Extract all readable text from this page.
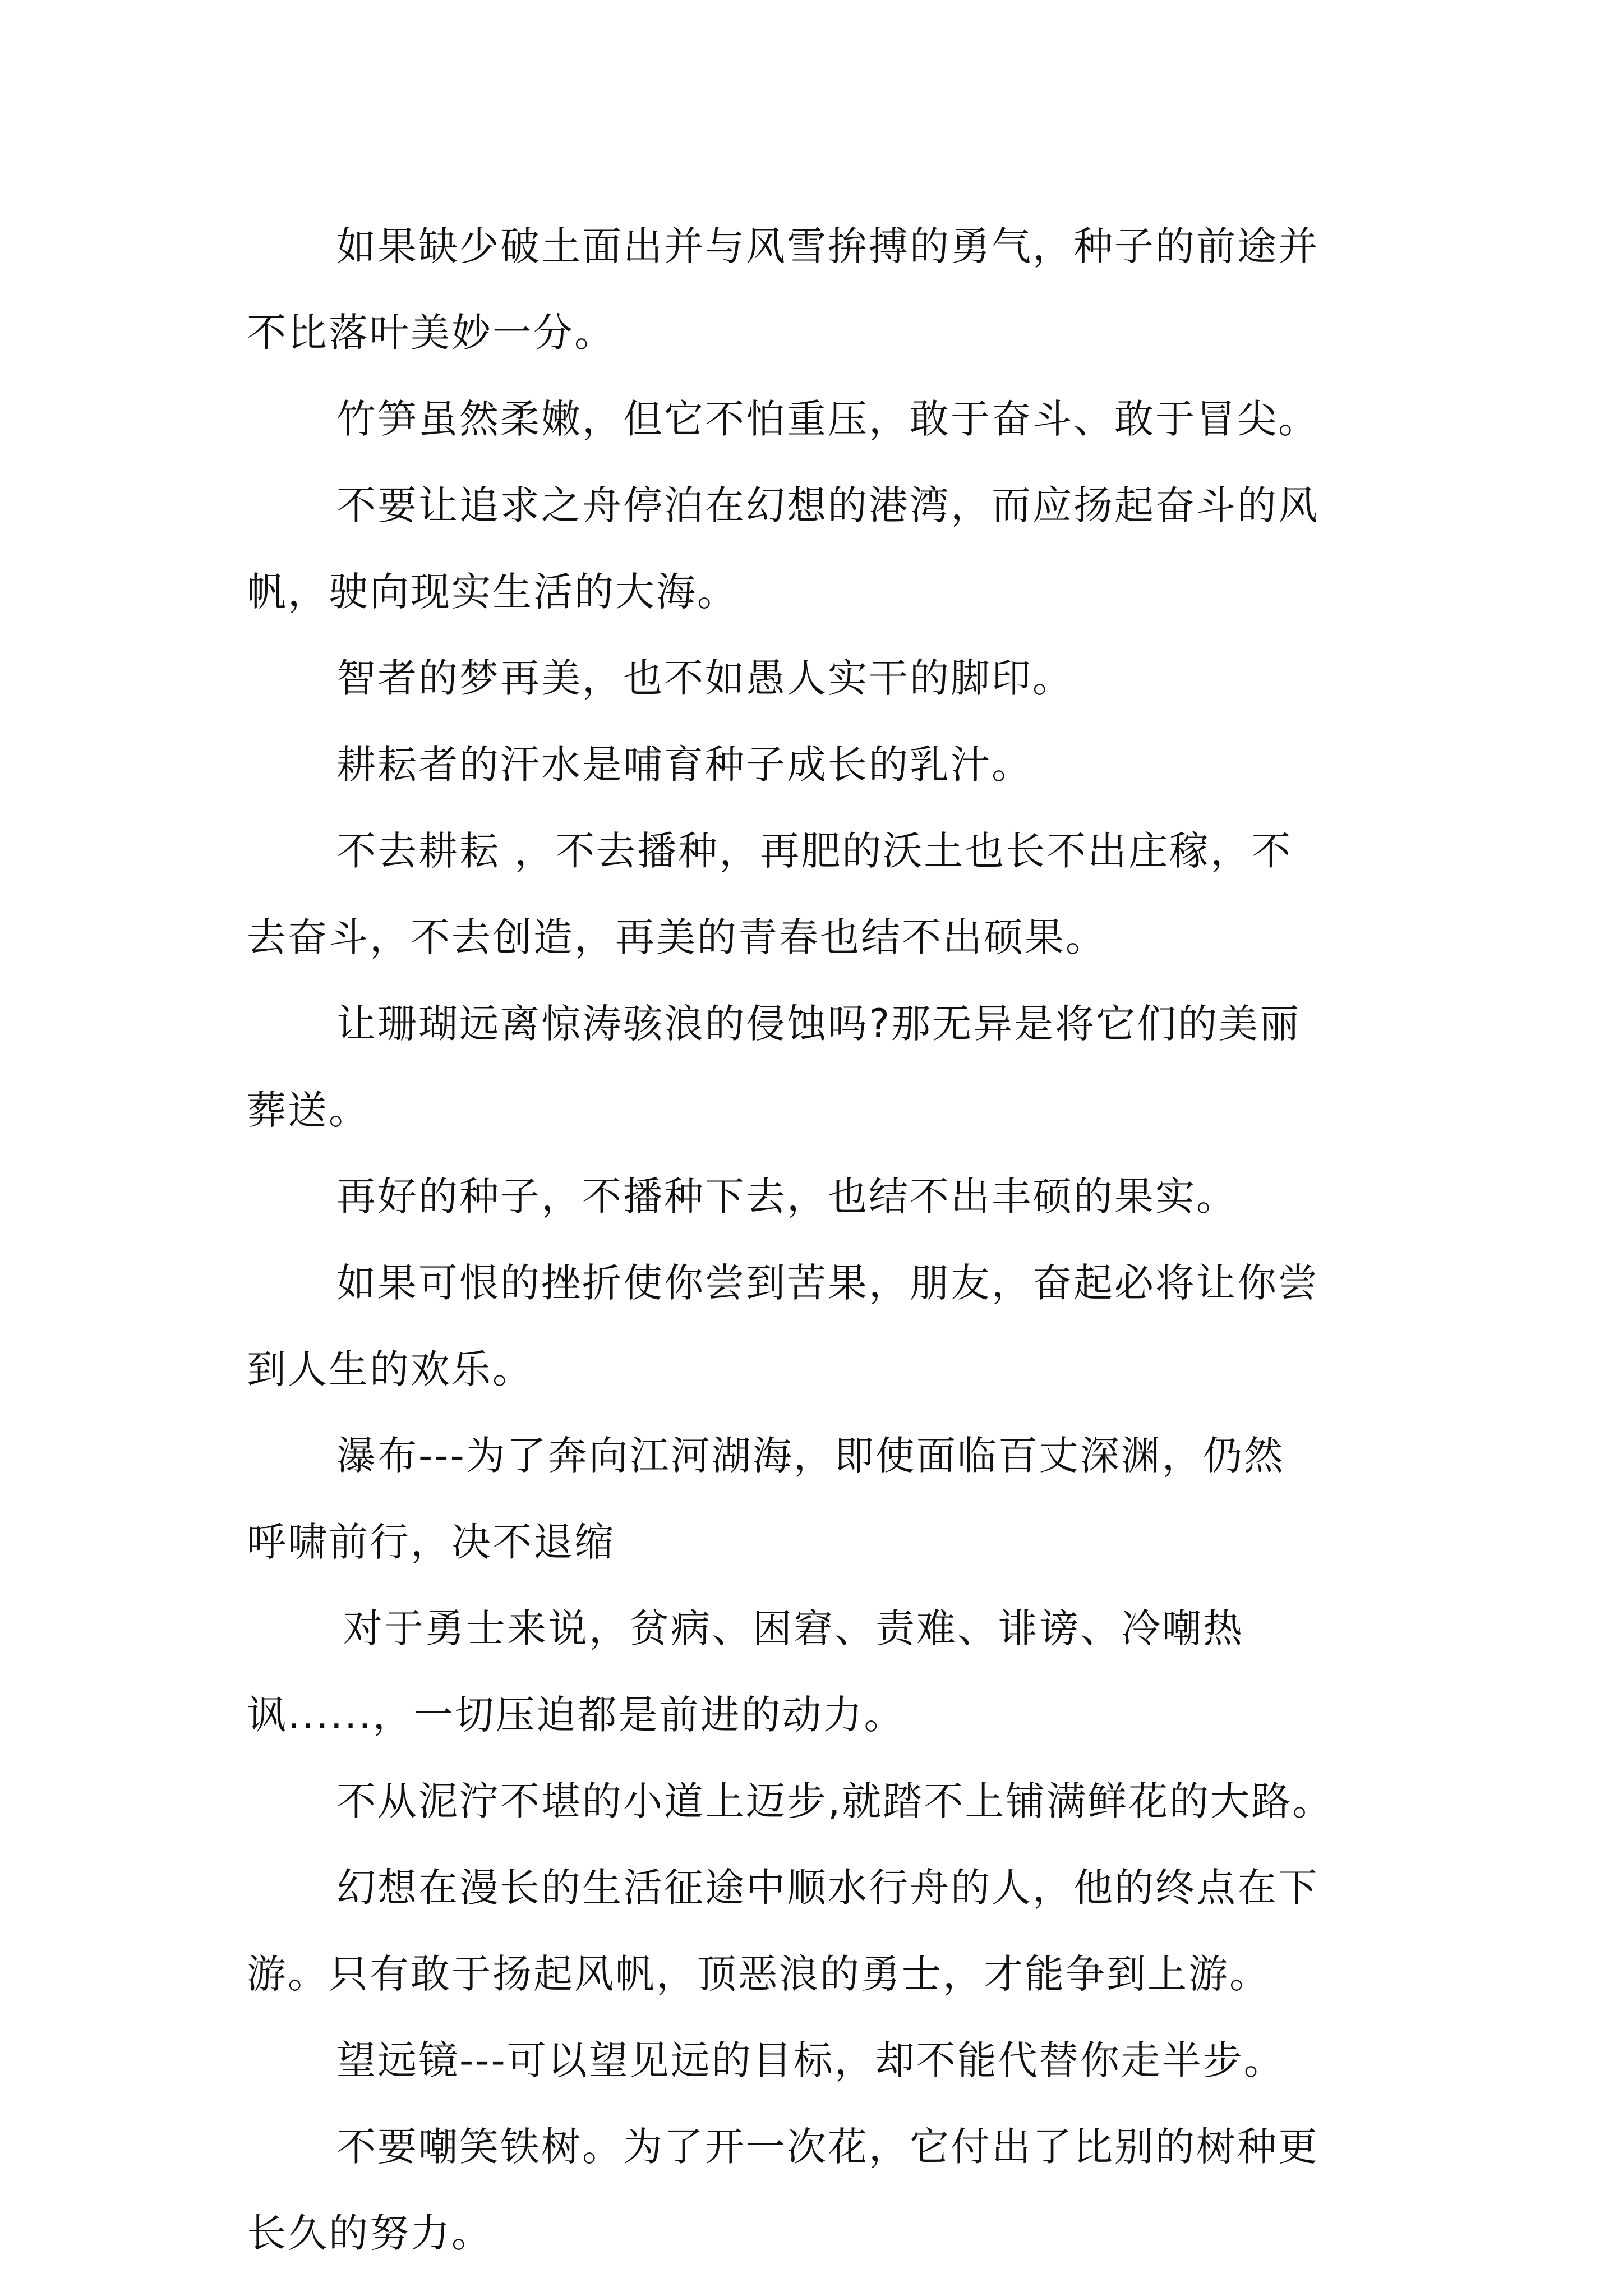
如果缺少破土面出并与风雪拚搏的勇气，种子的前途并
不比落叶美妙一分。
竹笋虽然柔嫩，但它不怕重压，敢于奋斗、敢于冒尖。
不要让追求之舟停泊在幻想的港湾，而应扬起奋斗的风
帆，驶向现实生活的大海。
智者的梦再美，也不如愚人实干的脚印。
耕耘者的汗水是哺育种子成长的乳汁。
不去耕耘 ，不去播种，再肥的沃土也长不出庄稼，不
去奋斗，不去创造，再美的青春也结不出硕果。
让珊瑚远离惊涛骇浪的侵蚀吗?那无异是将它们的美丽
葬送。
再好的种子，不播种下去，也结不出丰硕的果实。
如果可恨的挫折使你尝到苦果，朋友，奋起必将让你尝
到人生的欢乐。
瀑布---为了奔向江河湖海，即使面临百丈深渊，仍然
呼啸前行，决不退缩
对于勇士来说，贫病、困窘、责难、诽谤、冷嘲热
讽......，一切压迫都是前进的动力。
不从泥泞不堪的小道上迈步,就踏不上铺满鲜花的大路。
幻想在漫长的生活征途中顺水行舟的人，他的终点在下
游。只有敢于扬起风帆，顶恶浪的勇士，才能争到上游。
望远镜---可以望见远的目标，却不能代替你走半步。
不要嘲笑铁树。为了开一次花，它付出了比别的树种更
长久的努力。
